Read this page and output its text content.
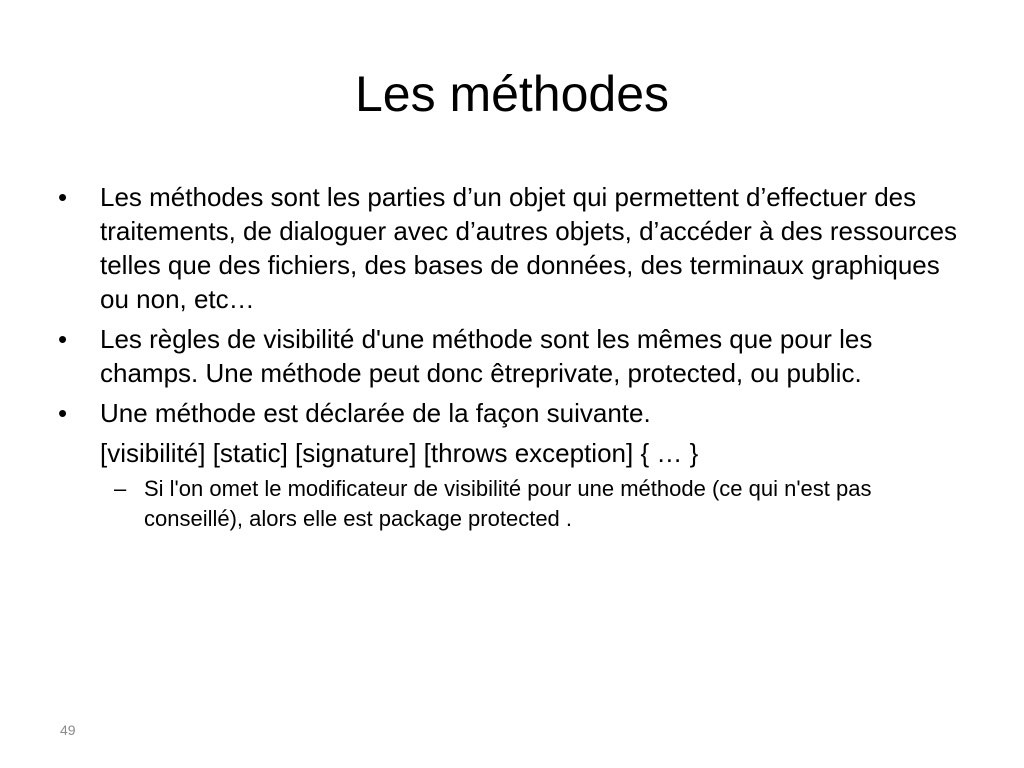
Les méthodes
•	Les méthodes sont les parties d’un objet qui permettent d’effectuer des traitements, de dialoguer avec d’autres objets, d’accéder à des ressources telles que des fichiers, des bases de données, des terminaux graphiques ou non, etc…
•	Les règles de visibilité d'une méthode sont les mêmes que pour les champs. Une méthode peut donc êtreprivate, protected, ou public.
•	Une méthode est déclarée de la façon suivante.
[visibilité] [static] [signature] [throws exception] { … }
– Si l'on omet le modificateur de visibilité pour une méthode (ce qui n'est pas conseillé), alors elle est package protected .
49
